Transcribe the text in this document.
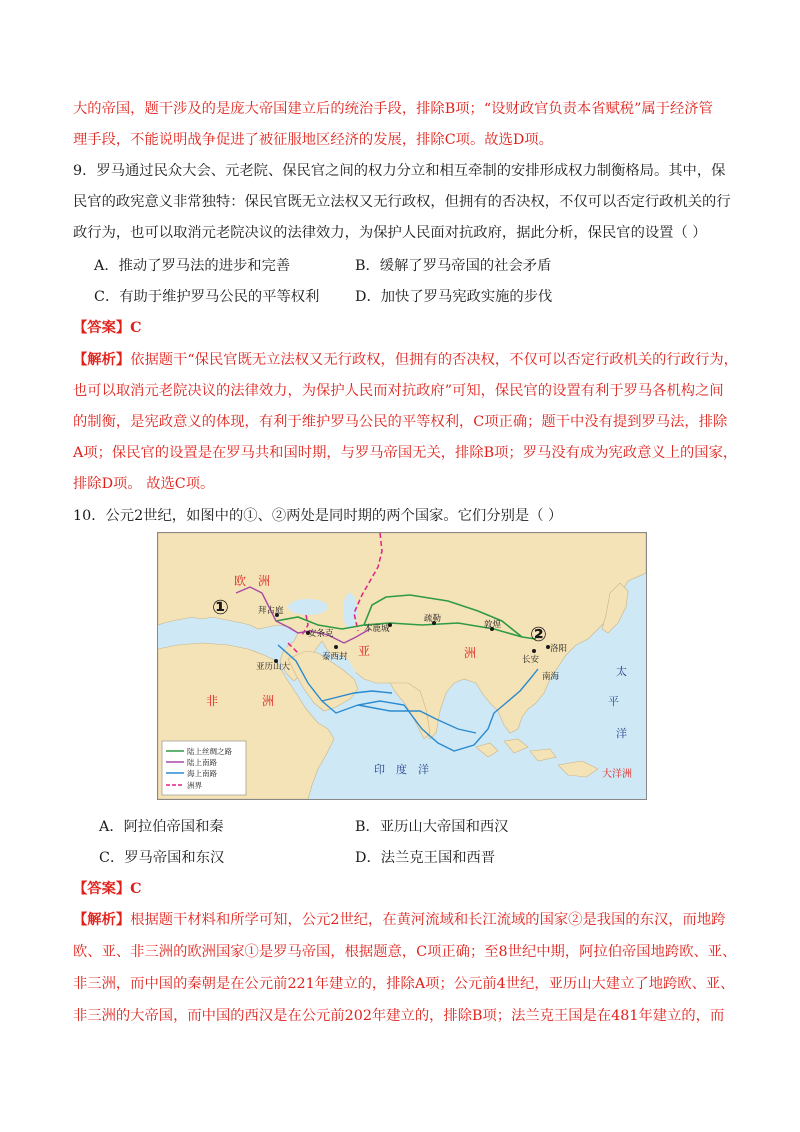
大的帝国，题干涉及的是庞大帝国建立后的统治手段，排除B项；“设财政官负责本省赋税”属于经济管
理手段，不能说明战争促进了被征服地区经济的发展，排除C项。故选D项。
9．罗马通过民众大会、元老院、保民官之间的权力分立和相互牵制的安排形成权力制衡格局。其中，保
民官的政宪意义非常独特：保民官既无立法权又无行政权，但拥有的否决权，不仅可以否定行政机关的行
政行为，也可以取消元老院决议的法律效力，为保护人民面对抗政府，据此分析，保民官的设置（ ）
A．推动了罗马法的进步和完善	B．缓解了罗马帝国的社会矛盾
C．有助于维护罗马公民的平等权利 D．加快了罗马宪政实施的步伐
【答案】C
【解析】依据题干“保民官既无立法权又无行政权，但拥有的否决权，不仅可以否定行政机关的行政行为，
也可以取消元老院决议的法律效力，为保护人民而对抗政府”可知，保民官的设置有利于罗马各机构之间
的制衡，是宪政意义的体现，有利于维护罗马公民的平等权利，C项正确；题干中没有提到罗马法，排除
A项；保民官的设置是在罗马共和国时期，与罗马帝国无关，排除B项；罗马没有成为宪政意义上的国家，
排除D项。 故选C项。
10．公元2世纪，如图中的①、②两处是同时期的两个国家。它们分别是（ ）
①
②
欧　洲
亚	洲
非	洲
印　度　洋
太
平
洋
大洋洲
拜占庭
安条克
亚历山大
泰西封
木鹿城
疏勒
敦煌
长安
洛阳
南海
陆上丝绸之路
陆上南路
海上南路
洲界
A．阿拉伯帝国和秦	B．亚历山大帝国和西汉
C．罗马帝国和东汉	D．法兰克王国和西晋
【答案】C
【解析】根据题干材料和所学可知，公元2世纪，在黄河流域和长江流域的国家②是我国的东汉，而地跨
欧、亚、非三洲的欧洲国家①是罗马帝国，根据题意，C项正确；至8世纪中期，阿拉伯帝国地跨欧、亚、
非三洲，而中国的秦朝是在公元前221年建立的，排除A项；公元前4世纪，亚历山大建立了地跨欧、亚、
非三洲的大帝国，而中国的西汉是在公元前202年建立的，排除B项；法兰克王国是在481年建立的，而
